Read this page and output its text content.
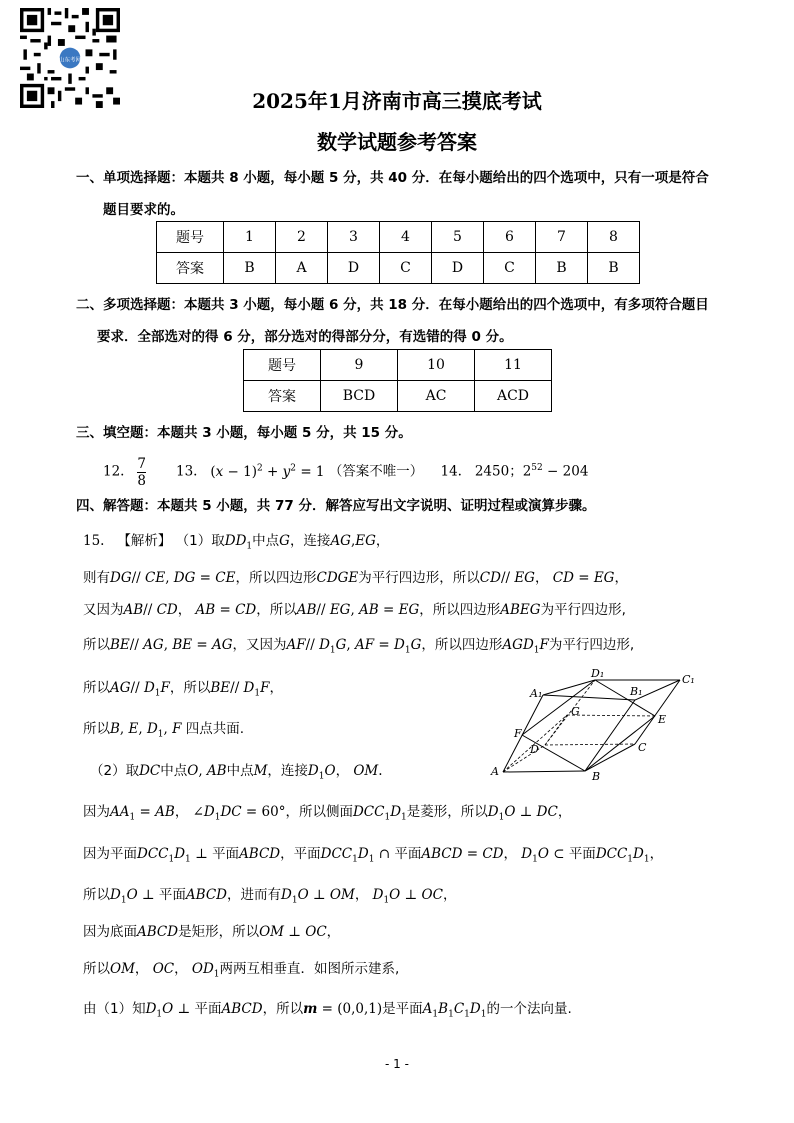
山东考网
2025年1月济南市高三摸底考试
数学试题参考答案
一、单项选择题：本题共 8 小题，每小题 5 分，共 40 分．在每小题给出的四个选项中，只有一项是符合
题目要求的。
题号	1	2	3	4	5	6	7	8
答案	B	A	D	C	D	C	B	B
二、多项选择题：本题共 3 小题，每小题 6 分，共 18 分．在每小题给出的四个选项中，有多项符合题目
要求．全部选对的得 6 分，部分选对的得部分分，有选错的得 0 分。
题号	9	10	11
答案	BCD	AC	ACD
三、填空题：本题共 3 小题，每小题 5 分，共 15 分。
12. $\frac{7}{8} 13$. $(x - 1)^2 + y^2 = 1$ （答案不唯一） 14. 2450；$2^{52} - 204$
四、解答题：本题共 5 小题，共 77 分．解答应写出文字说明、证明过程或演算步骤。
15. 【解析】 （1）取$DD_1$中点G，连接AG,EG，
则有DG// CE, DG = CE，所以四边形CDGE为平行四边形，所以CD// EG， CD = EG，
又因为AB// CD， AB = CD，所以AB// EG, AB = EG，所以四边形ABEG为平行四边形,
所以BE// AG, BE = AG，又因为AF// $D_1G$, AF = $D_1G$，所以四边形$AGD_1F$为平行四边形,
所以AG// $D_1F$，所以BE// $D_1F$，
所以B, E, $D_1$, F 四点共面.
（2）取DC中点O, AB中点M，连接$D_1O$， OM.
因为$AA_1$ = AB， $\angle D_1DC = 60^\circ$，所以侧面$DCC_1D_1$是菱形，所以$D_1O$ ⊥ DC，
因为平面$DCC_1D_1$ ⊥ 平面ABCD，平面$DCC_1D_1$ ∩ 平面ABCD = CD， $D_1O$ ⊂ 平面$DCC_1D_1$，
所以$D_1O$ ⊥ 平面ABCD，进而有$D_1O$ ⊥ OM， $D_1O$ ⊥ OC，
因为底面ABCD是矩形，所以OM ⊥ OC，
所以OM， OC， $OD_1$两两互相垂直．如图所示建系,
由（1）知$D_1O$ ⊥ 平面ABCD，所以m = (0,0,1)是平面$A_1B_1C_1D_1$的一个法向量.
D₁	C₁
A₁	B₁
G
E
F
D	C
A	B
- 1 -
